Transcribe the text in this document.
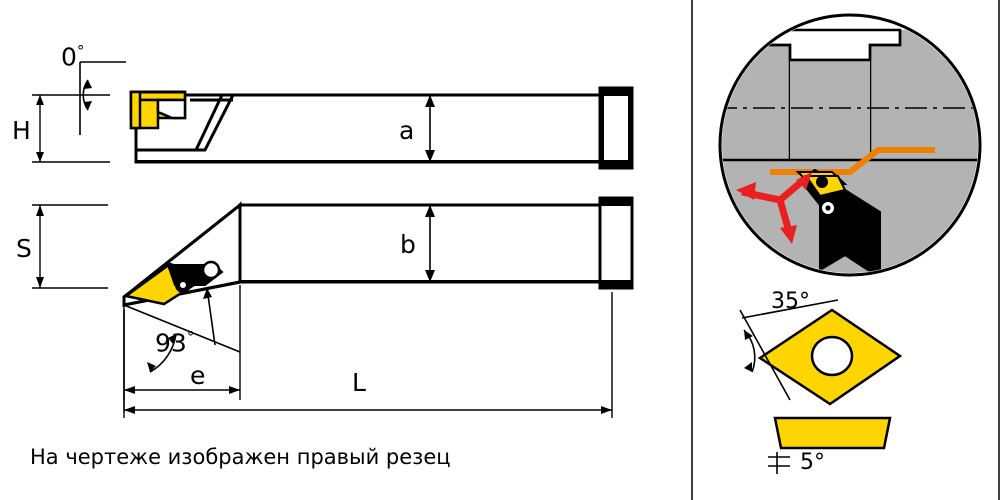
0°
H	a
S	b
93°
e	L
35°
5°
На чертеже изображен правый резец
